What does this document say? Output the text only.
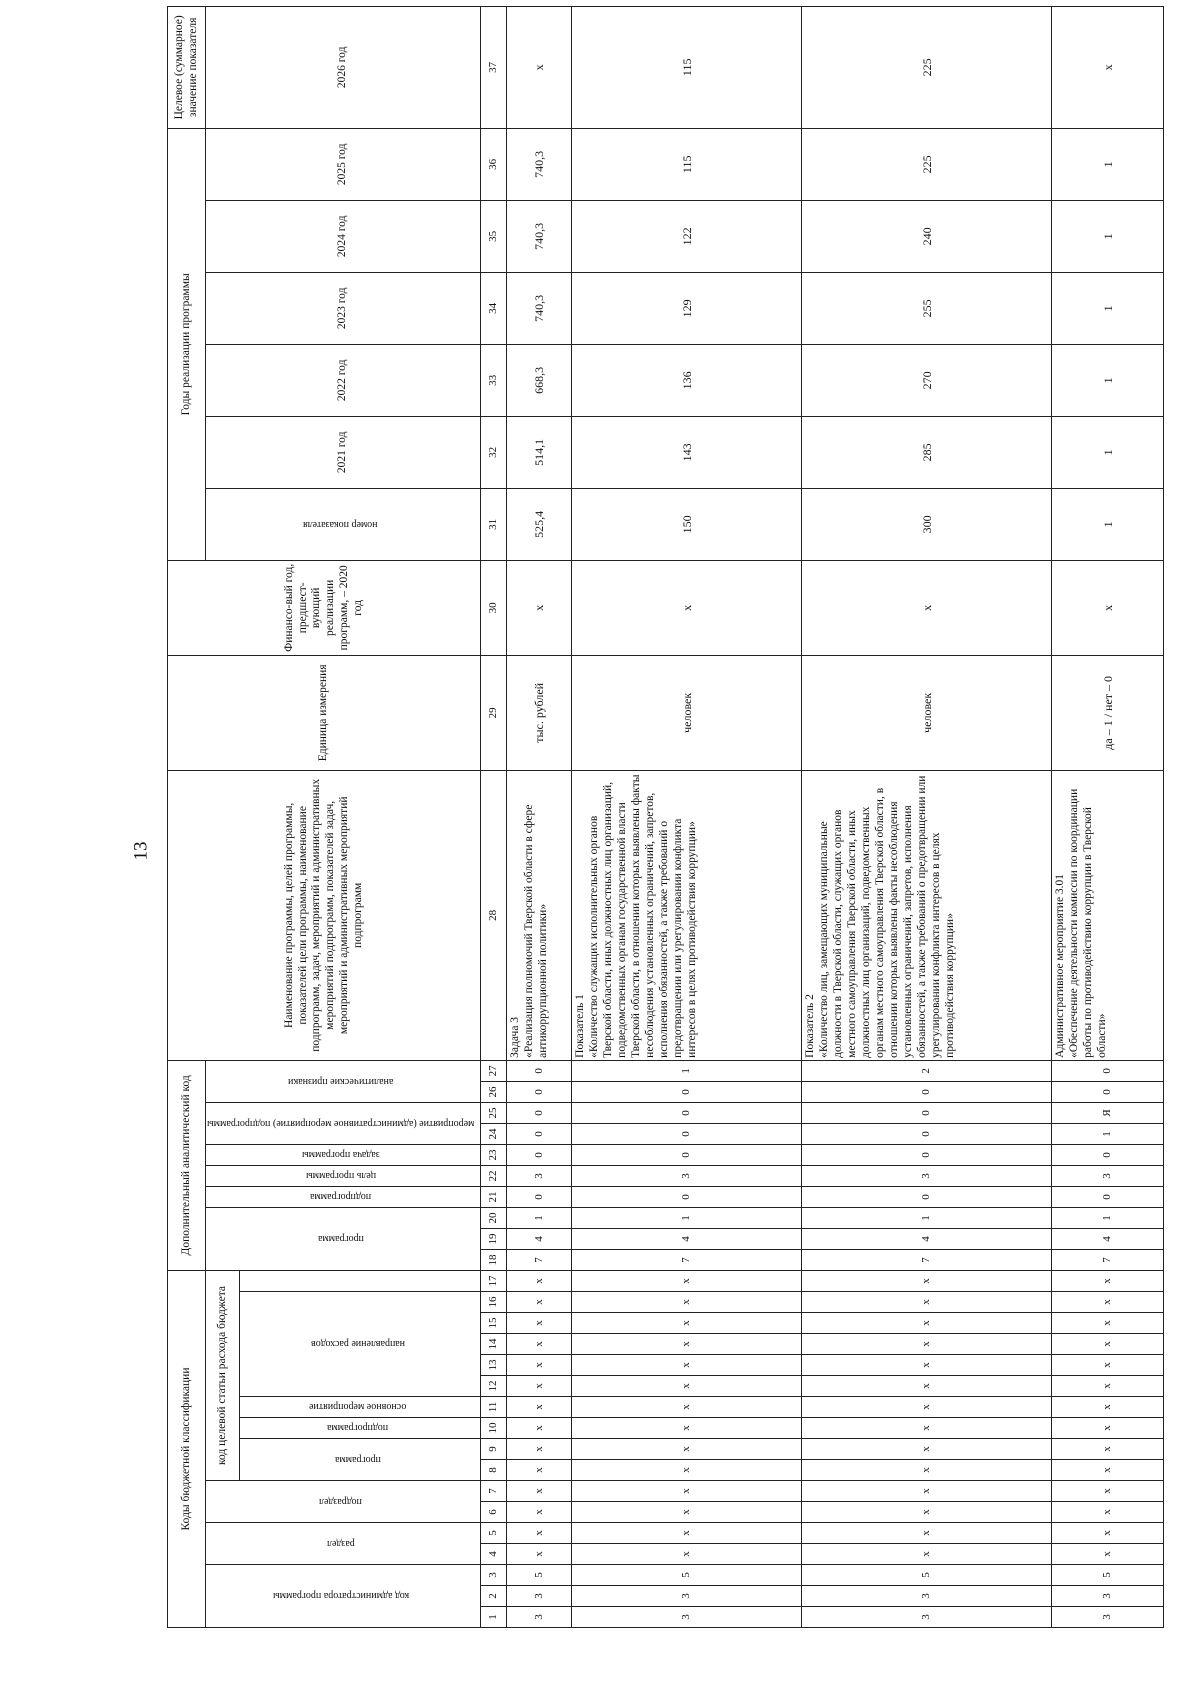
13
Коды бюджетной классификации																	Дополнительный аналитический код										Наименование программы, целей программы, показателей цели программы, наименование подпрограмм, задач, мероприятий и административных мероприятий подпрограмм, показателей задач, мероприятий и административных мероприятий подпрограмм	Единица измерения	Финансо-вый год, предшест-вующий реализации программ, – 2020 год	Годы реализации программы						Целевое (суммарное) значение показателя	
код администратора программы			раздел		подраздел		код целевой статьи расхода бюджета										программа			подпрограмма	цель программы	задача программы	мероприятие (административное мероприятие) подпрограммы		аналитические признаки					номер показателя	2021 год	2022 год	2023 год	2024 год	2025 год	2026 год	
							программа		подпрограмма	основное мероприятие	направление расходов																										

1	2	3	4	5	6	7	8	9	10	11	12	13	14	15	16	17	18	19	20	21	22	23	24	25	26	27	28	29	30	31	32	33	34	35	36	37	
3	3	5	x	x	x	x	x	x	x	x	x	x	x	x	x	x	7	4	1	0	3	0	0	0	0	0	Задача 3 «Реализация полномочий Тверской области в сфере антикоррупционной политики»	тыс. рублей	x	525,4	514,1	668,3	740,3	740,3	740,3	x	
3	3	5	x	x	x	x	x	x	x	x	x	x	x	x	x	x	7	4	1	0	3	0	0	0	0	1	Показатель 1 «Количество служащих исполнительных органов Тверской области, иных должностных лиц организаций, подведомственных органам государственной власти Тверской области, в отношении которых выявлены факты несоблюдения установленных ограничений, запретов, исполнения обязанностей, а также требований о предотвращении или урегулировании конфликта интересов в целях противодействия коррупции»	человек	x	150	143	136	129	122	115	115	
3	3	5	x	x	x	x	x	x	x	x	x	x	x	x	x	x	7	4	1	0	3	0	0	0	0	2	Показатель 2 «Количество лиц, замещающих муниципальные должности в Тверской области, служащих органов местного самоуправления Тверской области, иных должностных лиц организаций, подведомственных органам местного самоуправления Тверской области, в отношении которых выявлены факты несоблюдения установленных ограничений, запретов, исполнения обязанностей, а также требований о предотвращении или урегулировании конфликта интересов в целях противодействия коррупции»	человек	x	300	285	270	255	240	225	225	
3	3	5	x	x	x	x	x	x	x	x	x	x	x	x	x	x	7	4	1	0	3	0	1	Я	0	0	Административное мероприятие 3.01 «Обеспечение деятельности комиссии по координации работы по противодействию коррупции в Тверской области»	да – 1 / нет – 0	x	1	1	1	1	1	1	x	
